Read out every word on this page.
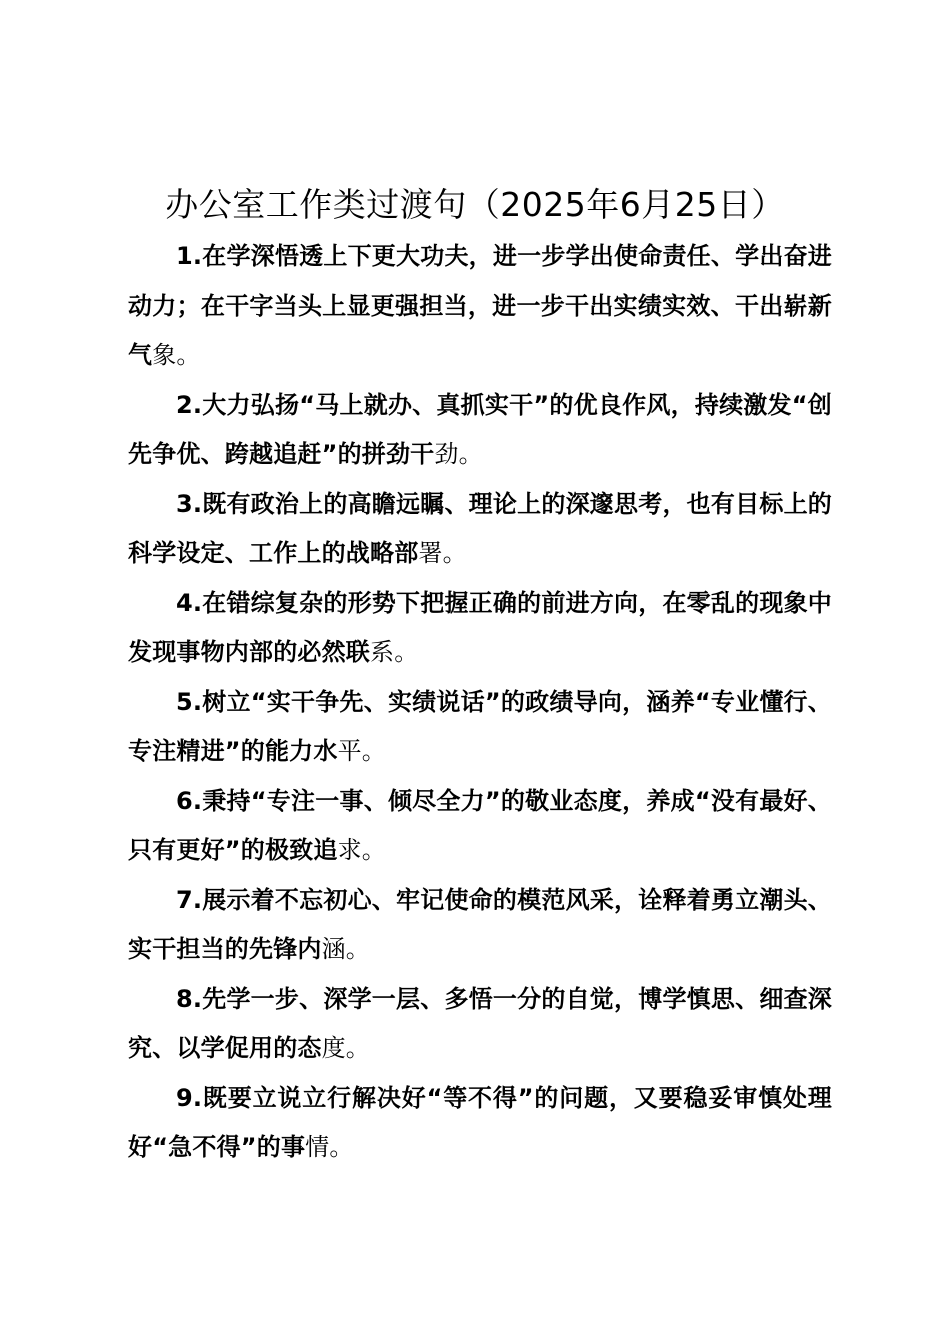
办公室工作类过渡句（2025年6月25日）

1.在学深悟透上下更大功夫，进一步学出使命责任、学出奋进动力；在干字当头上显更强担当，进一步干出实绩实效、干出崭新气象。

2.大力弘扬“马上就办、真抓实干”的优良作风，持续激发“创先争优、跨越追赶”的拼劲干劲。

3.既有政治上的高瞻远瞩、理论上的深邃思考，也有目标上的科学设定、工作上的战略部署。

4.在错综复杂的形势下把握正确的前进方向，在零乱的现象中发现事物内部的必然联系。

5.树立“实干争先、实绩说话”的政绩导向，涵养“专业懂行、专注精进”的能力水平。

6.秉持“专注一事、倾尽全力”的敬业态度，养成“没有最好、只有更好”的极致追求。

7.展示着不忘初心、牢记使命的模范风采，诠释着勇立潮头、实干担当的先锋内涵。

8.先学一步、深学一层、多悟一分的自觉，博学慎思、细查深究、以学促用的态度。

9.既要立说立行解决好“等不得”的问题，又要稳妥审慎处理好“急不得”的事情。
